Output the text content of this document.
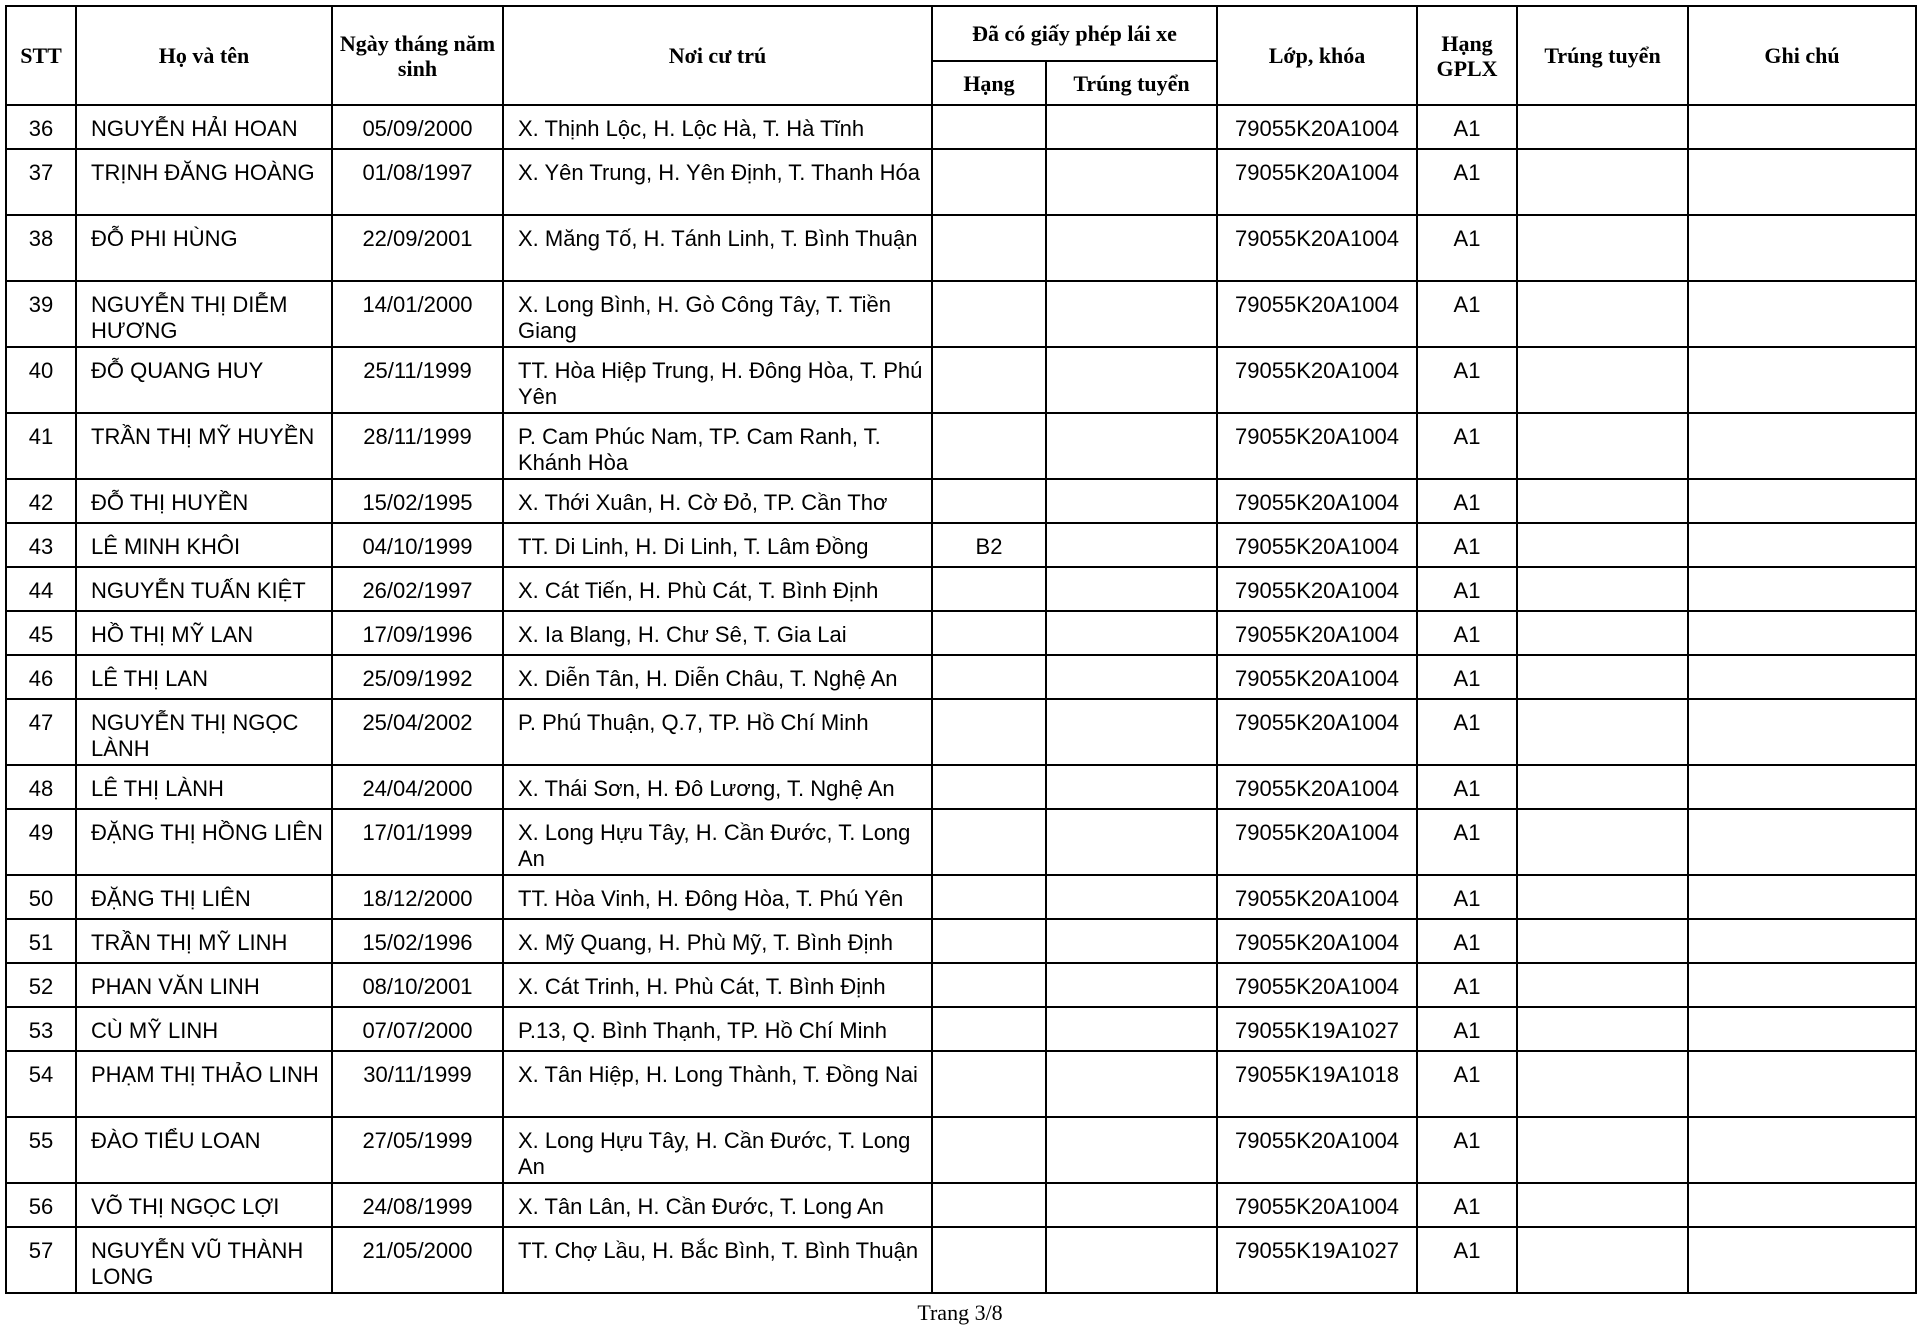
STT	Họ và tên	Ngày tháng năm sinh	Nơi cư trú	Đã có giấy phép lái xe		Lớp, khóa	Hạng GPLX	Trúng tuyển	Ghi chú
				Hạng	Trúng tuyển				
36	NGUYỄN HẢI HOAN	05/09/2000	X. Thịnh Lộc, H. Lộc Hà, T. Hà Tĩnh			79055K20A1004	A1		
37	TRỊNH ĐĂNG HOÀNG	01/08/1997	X. Yên Trung, H. Yên Định, T. Thanh Hóa			79055K20A1004	A1		
38	ĐỖ PHI HÙNG	22/09/2001	X. Măng Tố, H. Tánh Linh, T. Bình Thuận			79055K20A1004	A1		
39	NGUYỄN THỊ DIỄM HƯƠNG	14/01/2000	X. Long Bình, H. Gò Công Tây, T. Tiền Giang			79055K20A1004	A1		
40	ĐỖ QUANG HUY	25/11/1999	TT. Hòa Hiệp Trung, H. Đông Hòa, T. Phú Yên			79055K20A1004	A1		
41	TRẦN THỊ MỸ HUYỀN	28/11/1999	P. Cam Phúc Nam, TP. Cam Ranh, T. Khánh Hòa			79055K20A1004	A1		
42	ĐỖ THỊ HUYỀN	15/02/1995	X. Thới Xuân, H. Cờ Đỏ, TP. Cần Thơ			79055K20A1004	A1		
43	LÊ MINH KHÔI	04/10/1999	TT. Di Linh, H. Di Linh, T. Lâm Đồng	B2		79055K20A1004	A1		
44	NGUYỄN TUẤN KIỆT	26/02/1997	X. Cát Tiến, H. Phù Cát, T. Bình Định			79055K20A1004	A1		
45	HỒ THỊ MỸ LAN	17/09/1996	X. Ia Blang, H. Chư Sê, T. Gia Lai			79055K20A1004	A1		
46	LÊ THỊ LAN	25/09/1992	X. Diễn Tân, H. Diễn Châu, T. Nghệ An			79055K20A1004	A1		
47	NGUYỄN THỊ NGỌC LÀNH	25/04/2002	P. Phú Thuận, Q.7, TP. Hồ Chí Minh			79055K20A1004	A1		
48	LÊ THỊ LÀNH	24/04/2000	X. Thái Sơn, H. Đô Lương, T. Nghệ An			79055K20A1004	A1		
49	ĐẶNG THỊ HỒNG LIÊN	17/01/1999	X. Long Hựu Tây, H. Cần Đước, T. Long An			79055K20A1004	A1		
50	ĐẶNG THỊ LIÊN	18/12/2000	TT. Hòa Vinh, H. Đông Hòa, T. Phú Yên			79055K20A1004	A1		
51	TRẦN THỊ MỸ LINH	15/02/1996	X. Mỹ Quang, H. Phù Mỹ, T. Bình Định			79055K20A1004	A1		
52	PHAN VĂN LINH	08/10/2001	X. Cát Trinh, H. Phù Cát, T. Bình Định			79055K20A1004	A1		
53	CÙ MỸ LINH	07/07/2000	P.13, Q. Bình Thạnh, TP. Hồ Chí Minh			79055K19A1027	A1		
54	PHẠM THỊ THẢO LINH	30/11/1999	X. Tân Hiệp, H. Long Thành, T. Đồng Nai			79055K19A1018	A1		
55	ĐÀO TIỂU LOAN	27/05/1999	X. Long Hựu Tây, H. Cần Đước, T. Long An			79055K20A1004	A1		
56	VÕ THỊ NGỌC LỢI	24/08/1999	X. Tân Lân, H. Cần Đước, T. Long An			79055K20A1004	A1		
57	NGUYỄN VŨ THÀNH LONG	21/05/2000	TT. Chợ Lầu, H. Bắc Bình, T. Bình Thuận			79055K19A1027	A1		
Trang 3/8
